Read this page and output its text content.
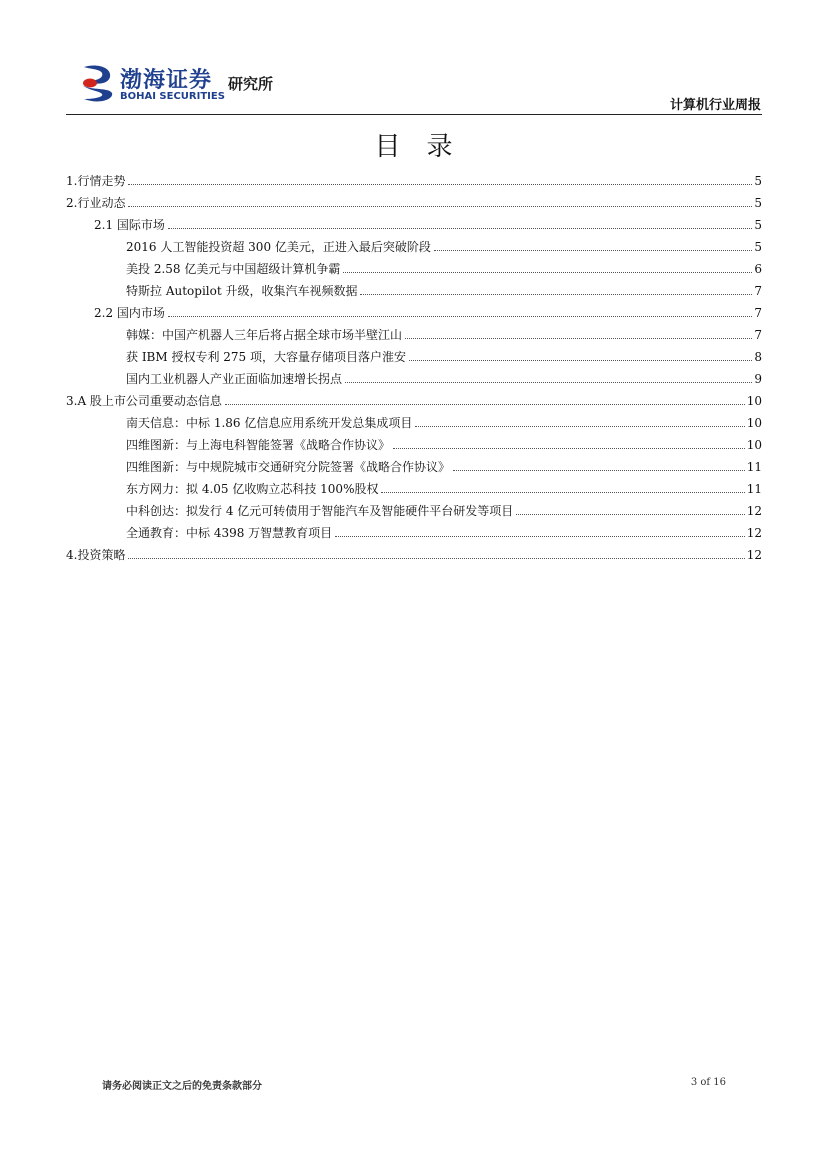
渤海证券
BOHAI SECURITIES
研究所
计算机行业周报
目录
1.行情走势	5
2.行业动态	5
2.1 国际市场	5
2016 人工智能投资超 300 亿美元，正进入最后突破阶段	5
美投 2.58 亿美元与中国超级计算机争霸	6
特斯拉 Autopilot 升级，收集汽车视频数据	7
2.2 国内市场	7
韩媒：中国产机器人三年后将占据全球市场半壁江山	7
获 IBM 授权专利 275 项，大容量存储项目落户淮安	8
国内工业机器人产业正面临加速增长拐点	9
3.A 股上市公司重要动态信息	10
南天信息：中标 1.86 亿信息应用系统开发总集成项目	10
四维图新：与上海电科智能签署《战略合作协议》	10
四维图新：与中规院城市交通研究分院签署《战略合作协议》	11
东方网力：拟 4.05 亿收购立芯科技 100%股权	11
中科创达：拟发行 4 亿元可转债用于智能汽车及智能硬件平台研发等项目	12
全通教育：中标 4398 万智慧教育项目	12
4.投资策略	12
请务必阅读正文之后的免责条款部分	3 of 16
